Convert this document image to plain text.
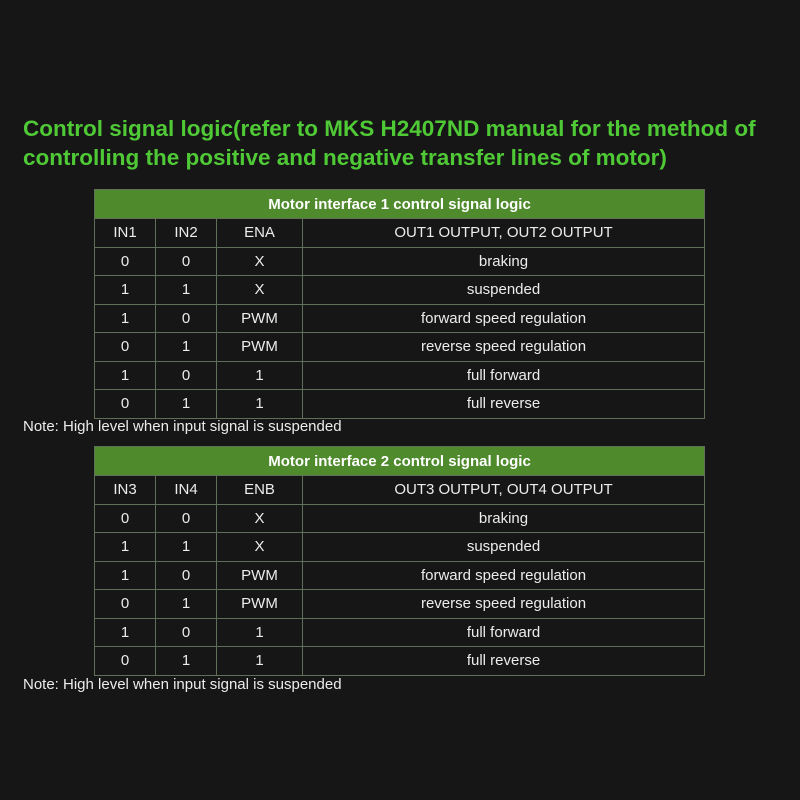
Control signal logic(refer to MKS H2407ND manual for the method of controlling the positive and negative transfer lines of motor)
Motor interface 1 control signal logic			
IN1	IN2	ENA	OUT1 OUTPUT, OUT2 OUTPUT
0	0	X	braking
1	1	X	suspended
1	0	PWM	forward speed regulation
0	1	PWM	reverse speed regulation
1	0	1	full forward
0	1	1	full reverse

Note: High level when input signal is suspended

Motor interface 2 control signal logic			
IN3	IN4	ENB	OUT3 OUTPUT, OUT4 OUTPUT
0	0	X	braking
1	1	X	suspended
1	0	PWM	forward speed regulation
0	1	PWM	reverse speed regulation
1	0	1	full forward
0	1	1	full reverse

Note: High level when input signal is suspended
